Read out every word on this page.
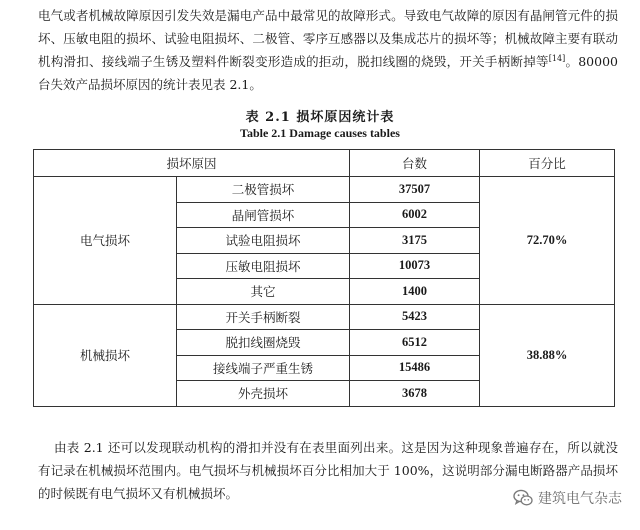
电气或者机械故障原因引发失效是漏电产品中最常见的故障形式。导致电气故障的原因有晶闸管元件的损坏、压敏电阻的损坏、试验电阻损坏、二极管、零序互感器以及集成芯片的损坏等；机械故障主要有联动机构滑扣、接线端子生锈及塑料件断裂变形造成的拒动，脱扣线圈的烧毁，开关手柄断掉等[14]。80000 台失效产品损坏原因的统计表见表 2.1。

表 2.1 损坏原因统计表
Table 2.1 Damage causes tables
损坏原因		台数	百分比
电气损坏	二极管损坏	37507	72.70%
	晶闸管损坏	6002	
	试验电阻损坏	3175	
	压敏电阻损坏	10073	
	其它	1400	
机械损坏	开关手柄断裂	5423	38.88%
	脱扣线圈烧毁	6512	
	接线端子严重生锈	15486	
	外壳损坏	3678	

由表 2.1 还可以发现联动机构的滑扣并没有在表里面列出来。这是因为这种现象普遍存在，所以就没有记录在机械损坏范围内。电气损坏与机械损坏百分比相加大于 100%，这说明部分漏电断路器产品损坏的时候既有电气损坏又有机械损坏。	建筑电气杂志
